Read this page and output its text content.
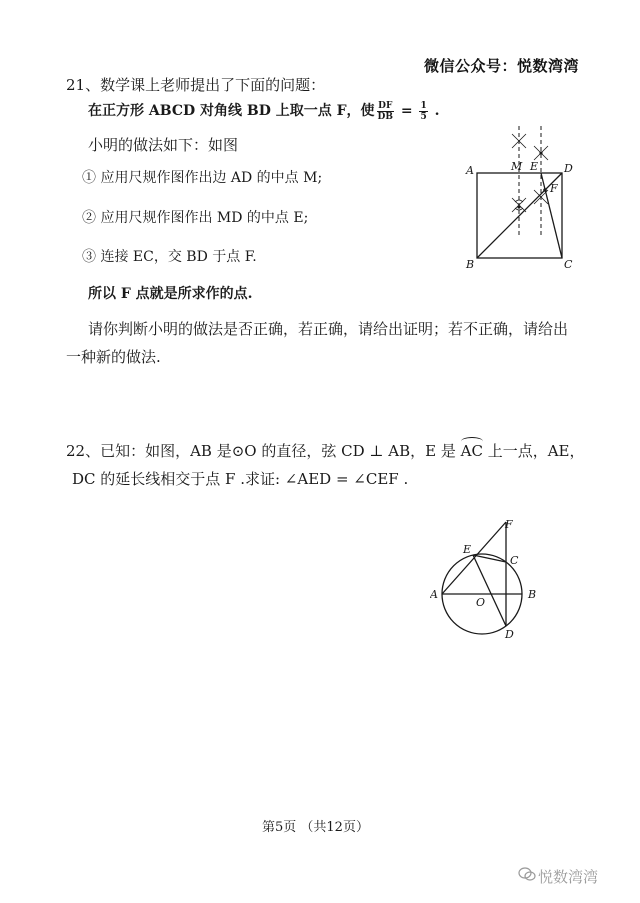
微信公众号：悦数湾湾
21、数学课上老师提出了下面的问题：
在正方形 ABCD 对角线 BD 上取一点 F，使 $\frac{DF}{DB} = \frac{1}{5}$ .
小明的做法如下：如图
① 应用尺规作图作出边 AD 的中点 M;
② 应用尺规作图作出 MD 的中点 E;
③ 连接 EC，交 BD 于点 F.
所以 F 点就是所求作的点.
请你判断小明的做法是否正确，若正确，请给出证明；若不正确，请给出
一种新的做法.
A	M E D
F
B	C
22、已知：如图，AB 是⊙O 的直径，弦 CD ⊥ AB，E 是 AC 上一点，AE，
DC 的延长线相交于点 F .求证: ∠AED = ∠CEF .
F
E
C
A
O
B
D
第5页 （共12页）
悦数湾湾
